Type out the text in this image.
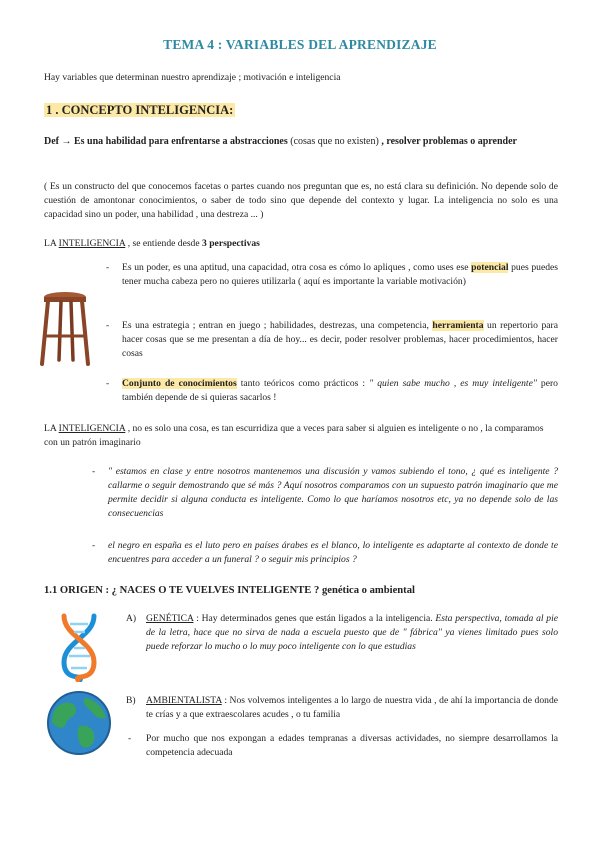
TEMA 4 : VARIABLES DEL APRENDIZAJE

Hay variables que determinan nuestro aprendizaje ; motivación e inteligencia

1 . CONCEPTO INTELIGENCIA:

Def → Es una habilidad para enfrentarse a abstracciones (cosas que no existen) , resolver problemas o aprender

( Es un constructo del que conocemos facetas o partes cuando nos preguntan que es, no está clara su definición. No depende solo de cuestión de amontonar conocimientos, o saber de todo sino que depende del contexto y lugar. La inteligencia no solo es una capacidad sino un poder, una habilidad , una destreza ... )

LA INTELIGENCIA , se entiende desde 3 perspectivas

- Es un poder, es una aptitud, una capacidad, otra cosa es cómo lo apliques , como uses ese potencial pues puedes tener mucha cabeza pero no quieres utilizarla ( aquí es importante la variable motivación)

- Es una estrategia ; entran en juego ; habilidades, destrezas, una competencia, herramienta un repertorio para hacer cosas que se me presentan a día de hoy... es decir, poder resolver problemas, hacer procedimientos, hacer cosas

- Conjunto de conocimientos tanto teóricos como prácticos : " quien sabe mucho , es muy inteligente" pero también depende de si quieras sacarlos !

LA INTELIGENCIA , no es solo una cosa, es tan escurridiza que a veces para saber si alguien es inteligente o no , la comparamos con un patrón imaginario

- " estamos en clase y entre nosotros mantenemos una discusión y vamos subiendo el tono, ¿ qué es inteligente ? callarme o seguir demostrando que sé más ? Aquí nosotros comparamos con un supuesto patrón imaginario que me permite decidir si alguna conducta es inteligente. Como lo que haríamos nosotros etc, ya no depende solo de las consecuencias

- el negro en españa es el luto pero en países árabes es el blanco, lo inteligente es adaptarte al contexto de donde te encuentres para acceder a un funeral ? o seguir mis principios ?

1.1 ORIGEN : ¿ NACES O TE VUELVES INTELIGENTE ? genética o ambiental
A) GENÉTICA : Hay determinados genes que están ligados a la inteligencia. Esta perspectiva, tomada al pie de la letra, hace que no sirva de nada a escuela puesto que de " fábrica" ya vienes limitado pues solo puede reforzar lo mucho o lo muy poco inteligente con lo que estudias

B) AMBIENTALISTA : Nos volvemos inteligentes a lo largo de nuestra vida , de ahí la importancia de donde te crías y a que extraescolares acudes , o tu familia

- Por mucho que nos expongan a edades tempranas a diversas actividades, no siempre desarrollamos la competencia adecuada
